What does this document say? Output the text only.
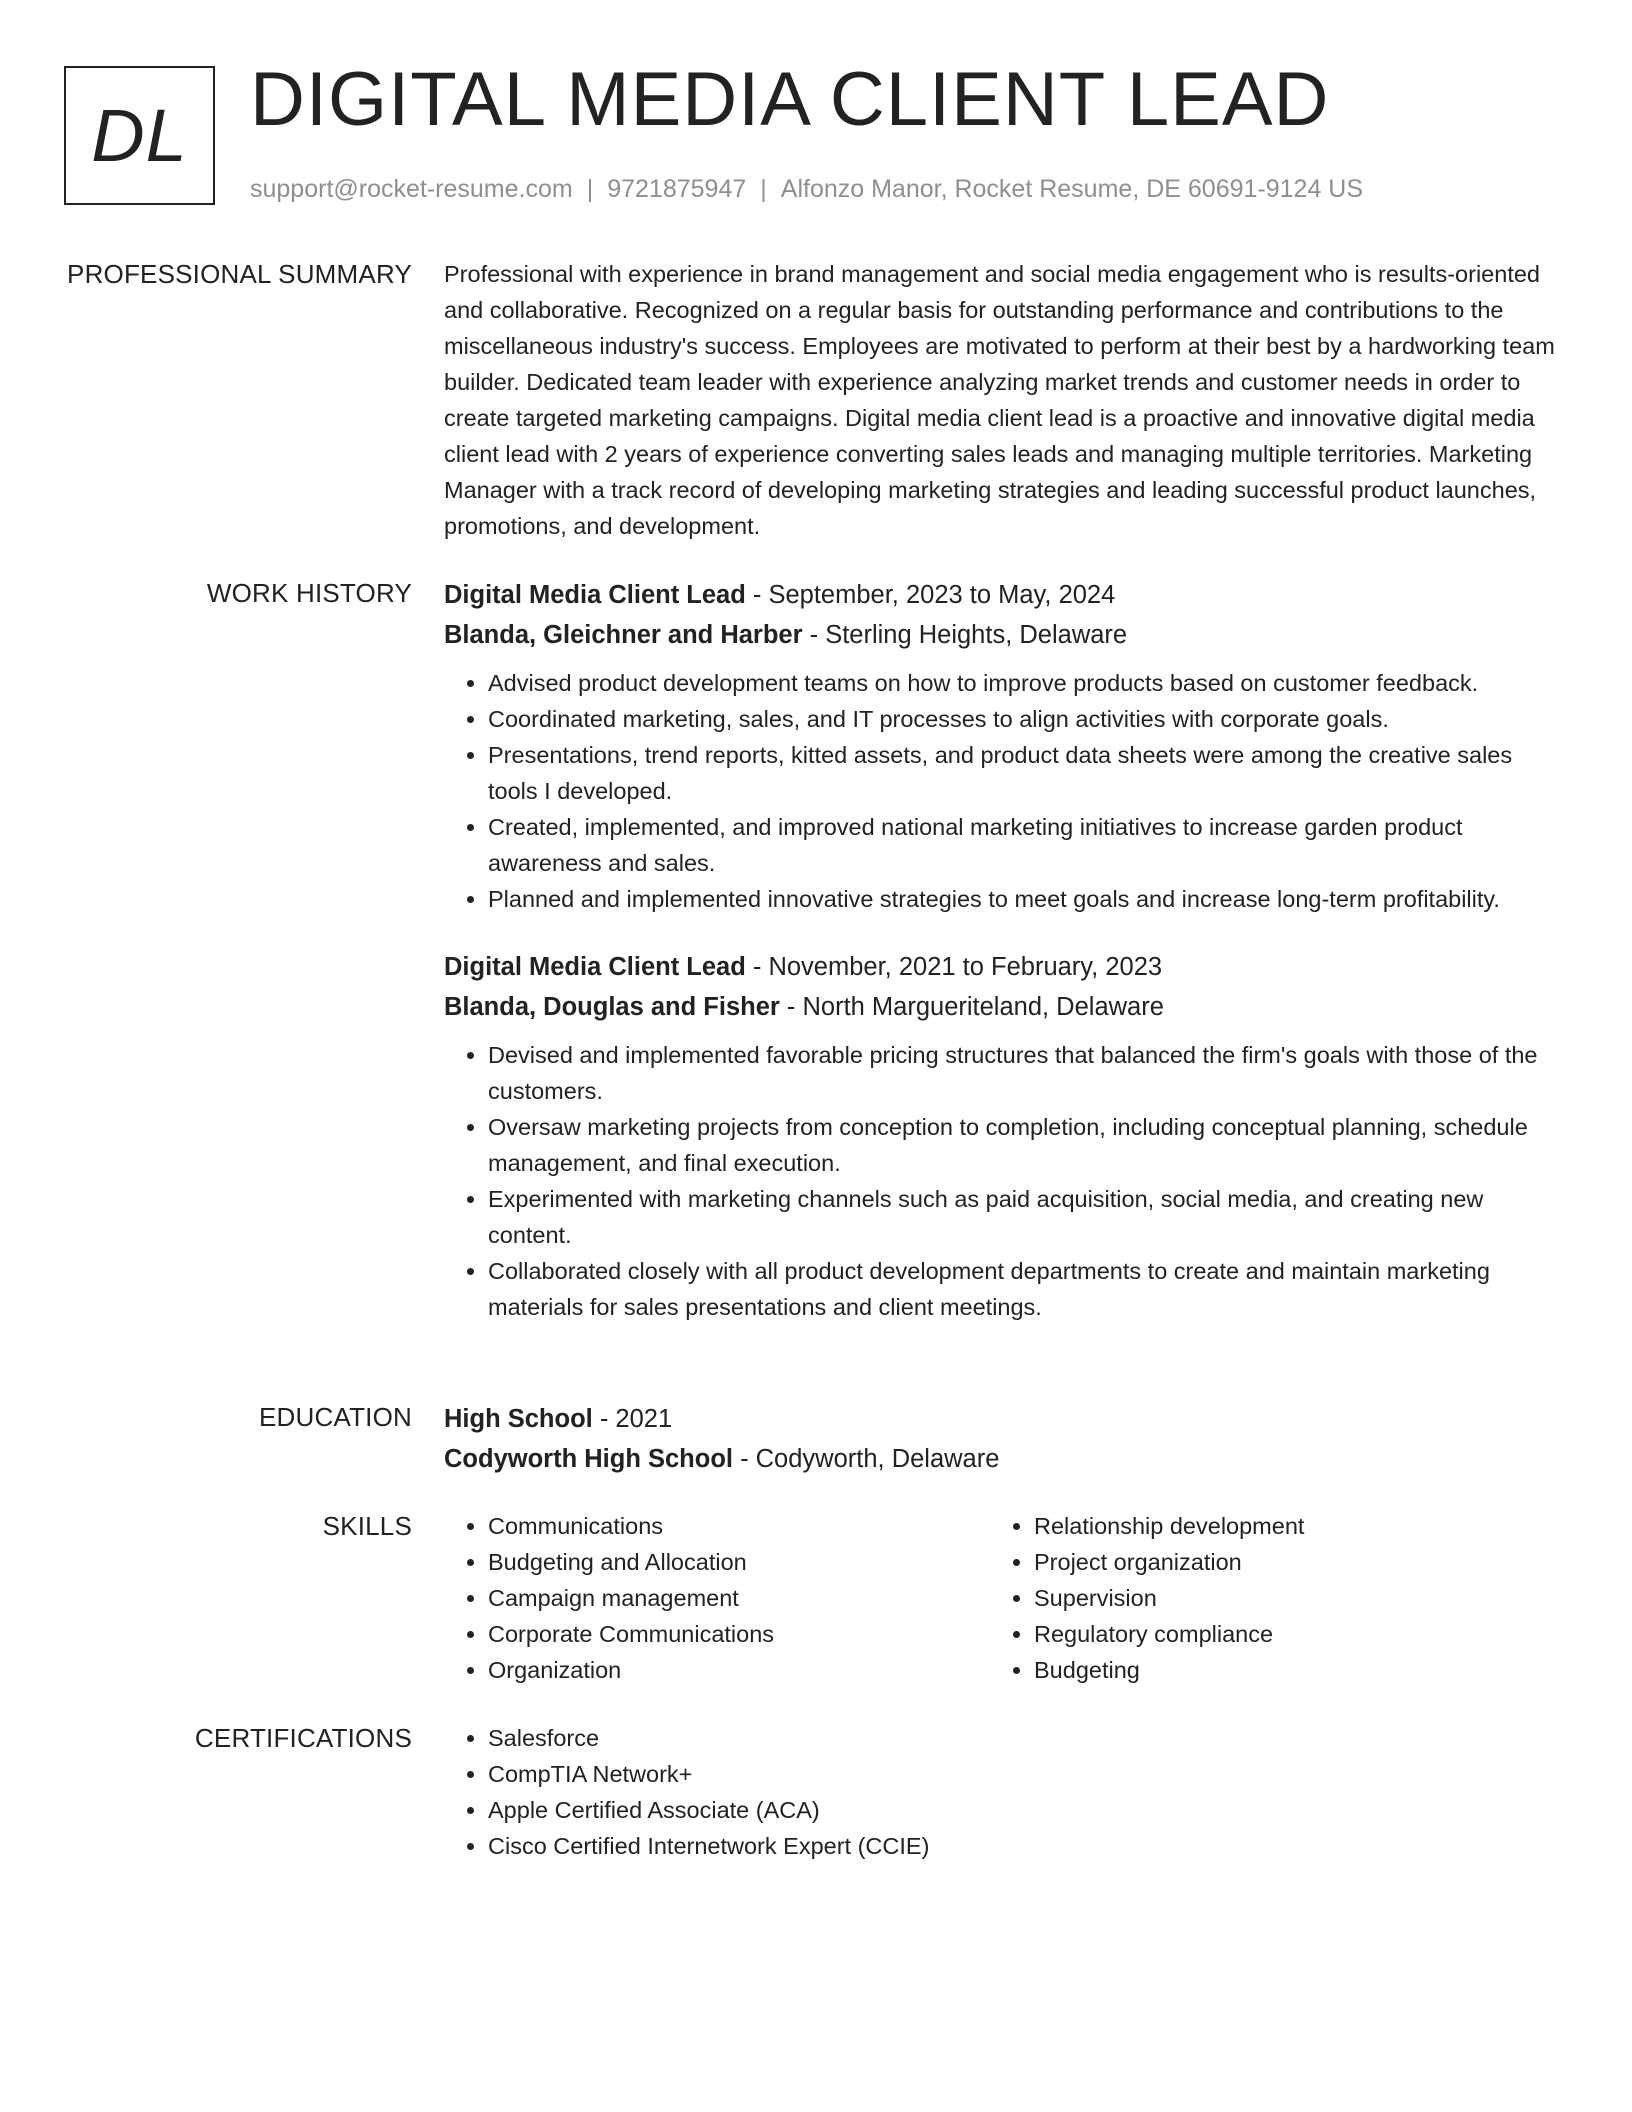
DL DIGITAL MEDIA CLIENT LEAD
support@rocket-resume.com | 9721875947 | Alfonzo Manor, Rocket Resume, DE 60691-9124 US
PROFESSIONAL SUMMARY Professional with experience in brand management and social media engagement who is results-oriented and collaborative. Recognized on a regular basis for outstanding performance and contributions to the miscellaneous industry's success. Employees are motivated to perform at their best by a hardworking team builder. Dedicated team leader with experience analyzing market trends and customer needs in order to create targeted marketing campaigns. Digital media client lead is a proactive and innovative digital media client lead with 2 years of experience converting sales leads and managing multiple territories. Marketing Manager with a track record of developing marketing strategies and leading successful product launches, promotions, and development.

WORK HISTORY Digital Media Client Lead - September, 2023 to May, 2024
Blanda, Gleichner and Harber - Sterling Heights, Delaware
• Advised product development teams on how to improve products based on customer feedback.
• Coordinated marketing, sales, and IT processes to align activities with corporate goals.
• Presentations, trend reports, kitted assets, and product data sheets were among the creative sales tools I developed.
• Created, implemented, and improved national marketing initiatives to increase garden product awareness and sales.
• Planned and implemented innovative strategies to meet goals and increase long-term profitability.
Digital Media Client Lead - November, 2021 to February, 2023
Blanda, Douglas and Fisher - North Margueriteland, Delaware
• Devised and implemented favorable pricing structures that balanced the firm's goals with those of the customers.
• Oversaw marketing projects from conception to completion, including conceptual planning, schedule management, and final execution.
• Experimented with marketing channels such as paid acquisition, social media, and creating new content.
• Collaborated closely with all product development departments to create and maintain marketing materials for sales presentations and client meetings.
EDUCATION High School - 2021
Codyworth High School - Codyworth, Delaware
SKILLS	• Communications
• Budgeting and Allocation
• Campaign management
• Corporate Communications
• Organization
• Relationship development
• Project organization
• Supervision
• Regulatory compliance
• Budgeting
CERTIFICATIONS	• Salesforce
• CompTIA Network+
• Apple Certified Associate (ACA)
• Cisco Certified Internetwork Expert (CCIE)
